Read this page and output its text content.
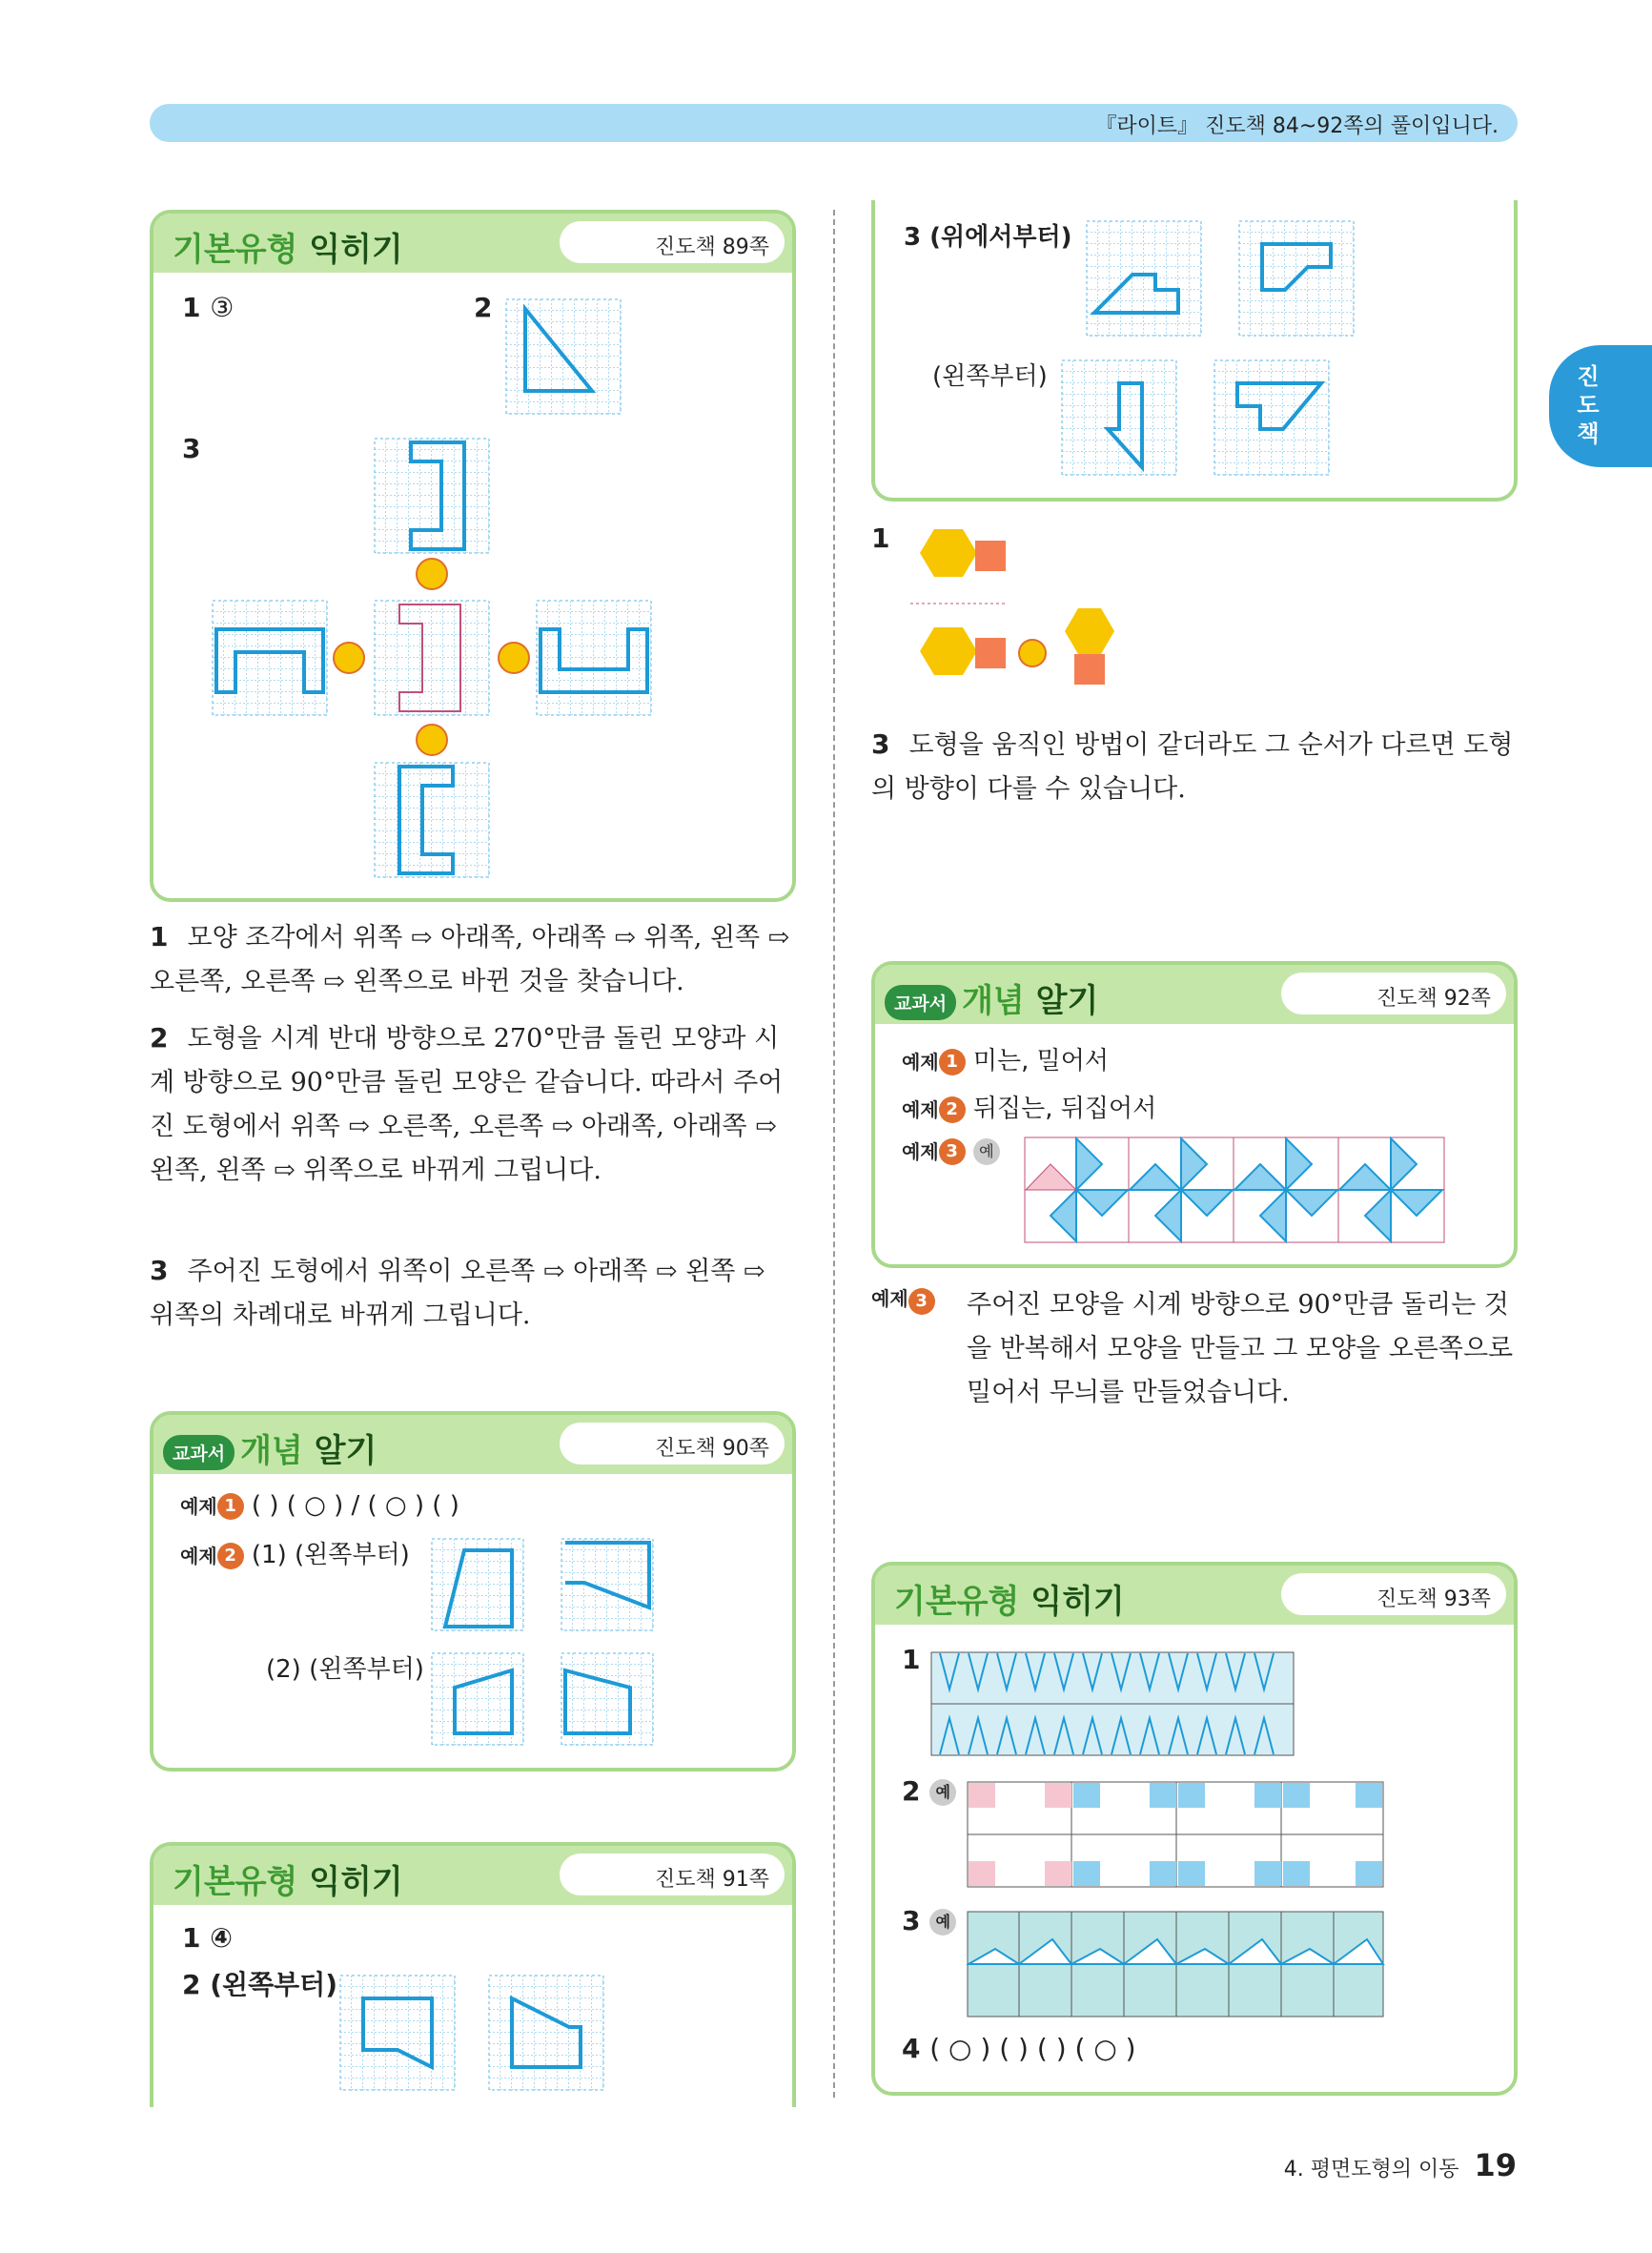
『라이트』 진도책 84~92쪽의 풀이입니다.
진도책
기본유형 익히기	진도책 89쪽
1 ③	2
3
1 모양 조각에서 위쪽 ⇨ 아래쪽, 아래쪽 ⇨ 위쪽, 왼쪽 ⇨ 오른쪽, 오른쪽 ⇨ 왼쪽으로 바뀐 것을 찾습니다.
2 도형을 시계 반대 방향으로 270°만큼 돌린 모양과 시계 방향으로 90°만큼 돌린 모양은 같습니다. 따라서 주어진 도형에서 위쪽 ⇨ 오른쪽, 오른쪽 ⇨ 아래쪽, 아래쪽 ⇨ 왼쪽, 왼쪽 ⇨ 위쪽으로 바뀌게 그립니다.
3 주어진 도형에서 위쪽이 오른쪽 ⇨ 아래쪽 ⇨ 왼쪽 ⇨ 위쪽의 차례대로 바뀌게 그립니다.
교과서 개념 알기	진도책 90쪽
예제 1 ( ) ( ○ ) / ( ○ ) ( )
예제 2 (1) (왼쪽부터)
(2) (왼쪽부터)
기본유형 익히기	진도책 91쪽
1 ④
2 (왼쪽부터)
3 (위에서부터)
(왼쪽부터)
1
3 도형을 움직인 방법이 같더라도 그 순서가 다르면 도형의 방향이 다를 수 있습니다.
교과서 개념 알기	진도책 92쪽
예제 1 미는, 밀어서
예제 2 뒤집는, 뒤집어서
예제 3 예
예제 3 주어진 모양을 시계 방향으로 90°만큼 돌리는 것을 반복해서 모양을 만들고 그 모양을 오른쪽으로 밀어서 무늬를 만들었습니다.
기본유형 익히기	진도책 93쪽
1
2 예
3 예
4 ( ○ ) ( ) ( ) ( ○ )
4. 평면도형의 이동 19
